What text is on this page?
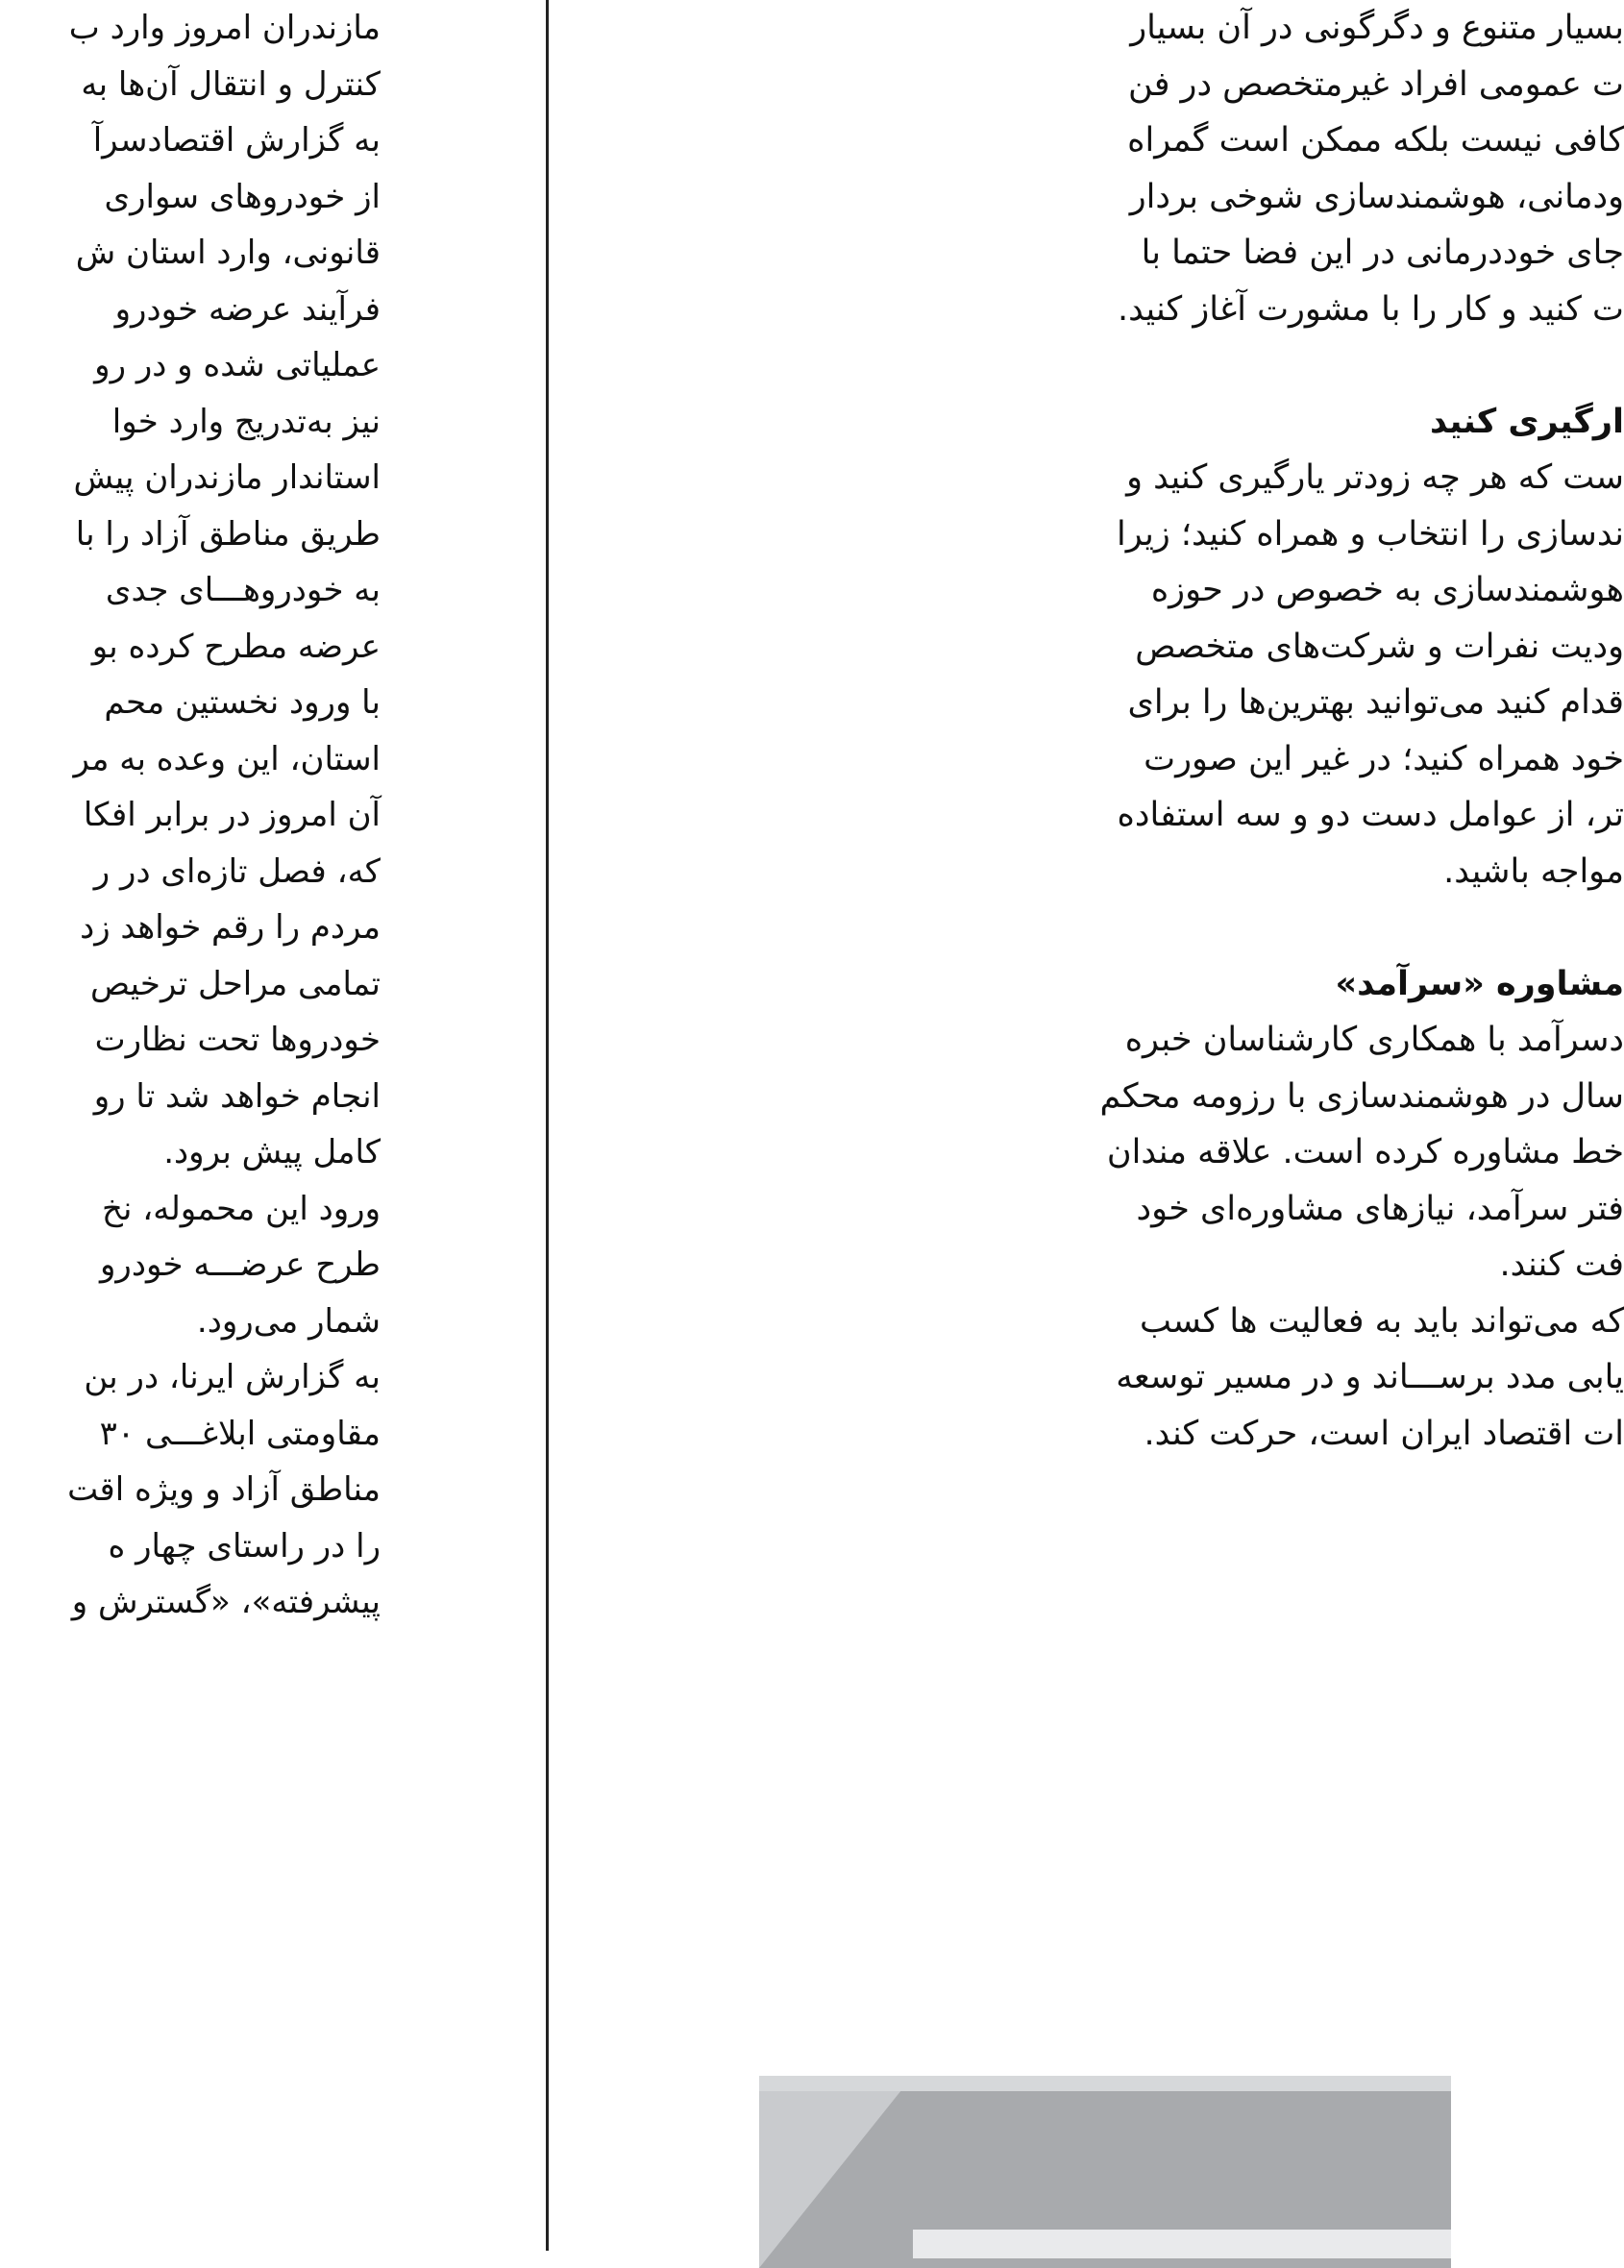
مازندران امروز وارد ب
کنترل و انتقال آن‌ها به
به گزارش اقتصادسرآ
از خودروهای سواری
قانونی، وارد استان ش
فرآیند عرضه خودرو
عملیاتی شده و در رو
نیز به‌تدریج وارد خوا
استاندار مازندران پیش
طریق مناطق آزاد را با
به خودروهـــای جدی
عرضه مطرح کرده بو
با ورود نخستین محم
استان، این وعده به مر
آن امروز در برابر افکا
که، فصل تازه‌ای در ر
مردم را رقم خواهد زد
تمامی مراحل ترخیص
خودروها تحت نظارت
انجام خواهد شد تا رو
کامل پیش برود.
ورود این محموله، نخ
طرح عرضـــه خودرو
شمار می‌رود.
به گزارش ایرنا، در بن
مقاومتی ابلاغـــی ۳۰
مناطق آزاد و ویژه اقت
را در راستای چهار ه
پیشرفته»، «گسترش و
بسیار متنوع و دگرگونی در آن بسیار
ت عمومی افراد غیرمتخصص در فن
کافی نیست بلکه ممکن است گمراه
ودمانی، هوشمندسازی شوخی بردار
جای خوددرمانی در این فضا حتما با
ت کنید و کار را با مشورت آغاز کنید.
ارگیری کنید
ست که هر چه زودتر یارگیری کنید و
ندسازی را انتخاب و همراه کنید؛ زیرا
هوشمندسازی به خصوص در حوزه
ودیت نفرات و شرکت‌های متخصص
قدام کنید می‌توانید بهترین‌ها را برای
خود همراه کنید؛ در غیر این صورت
تر، از عوامل دست دو و سه استفاده
مواجه باشید.
مشاوره «سرآمد»
دسرآمد با همکاری کارشناسان خبره
سال در هوشمندسازی با رزومه محکم
خط مشاوره کرده است. علاقه مندان
فتر سرآمد، نیازهای مشاوره‌ای خود
فت کنند.
که می‌تواند باید به فعالیت ها کسب
یابی مدد برســـاند و در مسیر توسعه
ات اقتصاد ایران است، حرکت کند.
